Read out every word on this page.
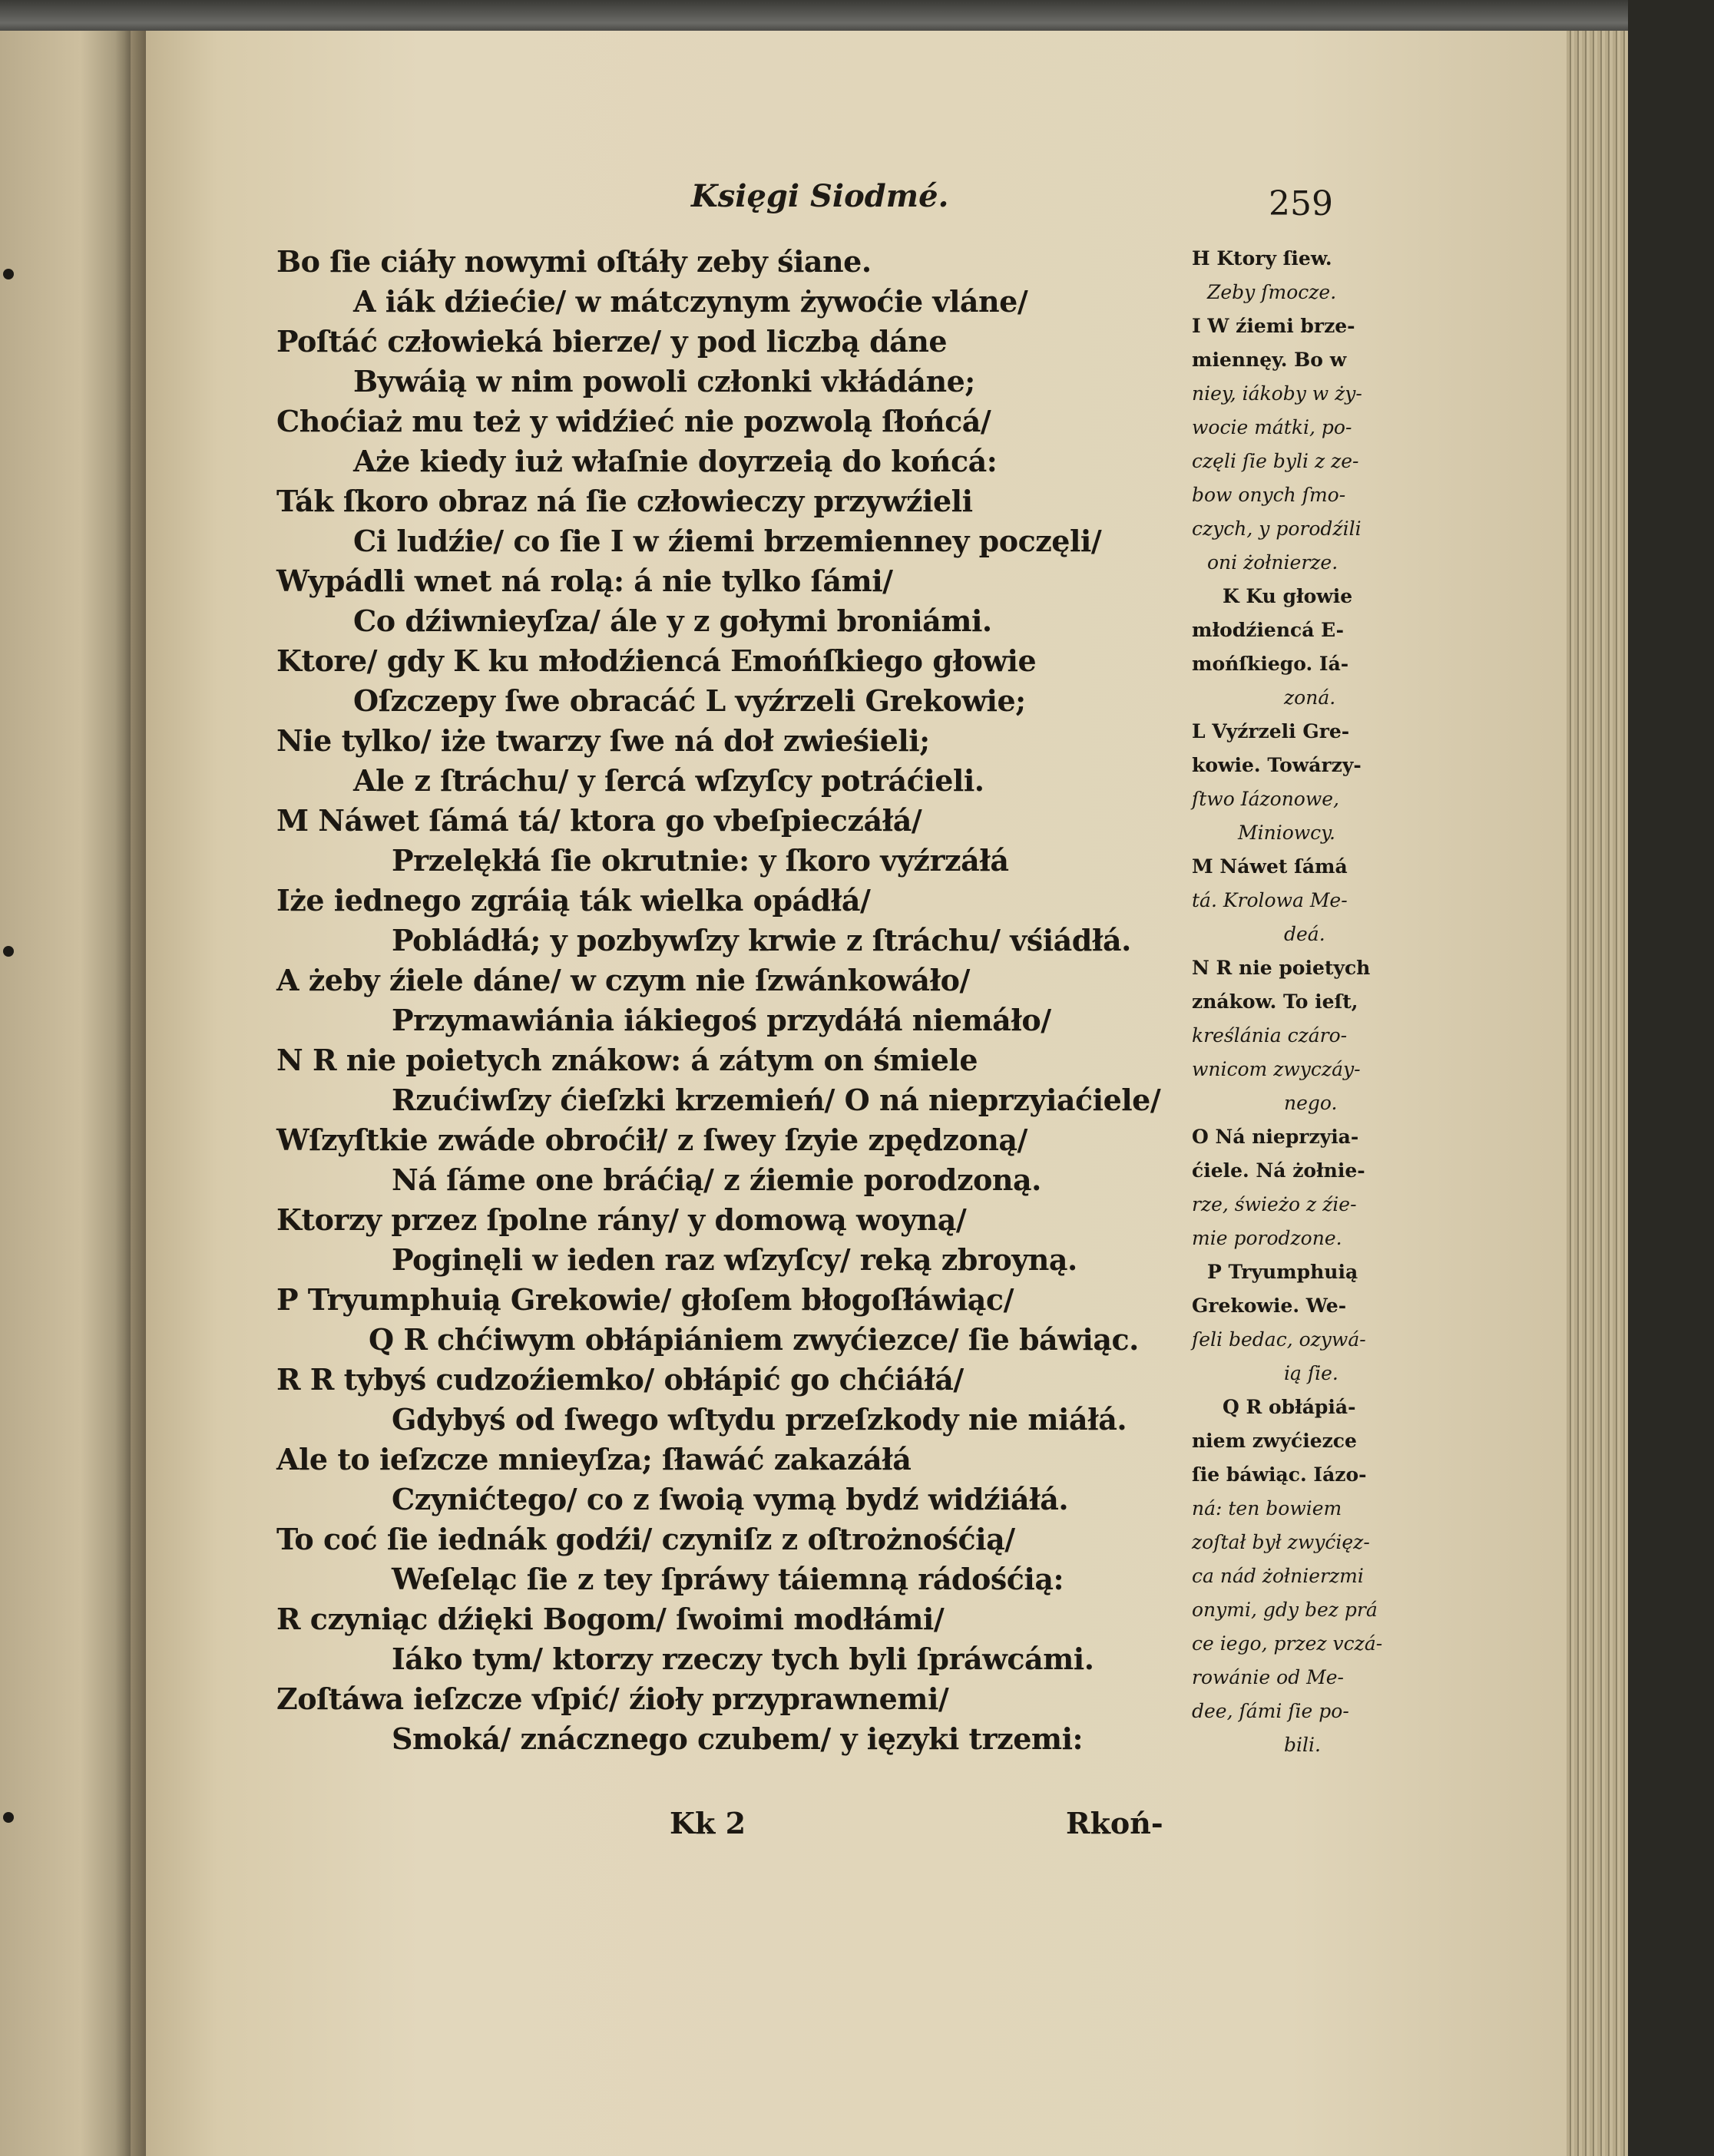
Księgi Siodmé.	259
Bo ſie ciáły nowymi oſtáły zeby śiane.
A iák dźiećie/ w mátczynym żywoćie vláne/
Poſtáć człowieká bierze/ y pod liczbą dáne
Bywáią w nim powoli członki vkłádáne;
Choćiaż mu też y widźieć nie pozwolą ſłońcá/
Aże kiedy iuż właſnie doyrzeią do końcá:
Ták ſkoro obraz ná ſie człowieczy przywźieli
Ci ludźie/ co ſie I w źiemi brzemienney poczęli/
Wypádli wnet ná rolą: á nie tylko ſámi/
Co dźiwnieyſza/ ále y z gołymi broniámi.
Ktore/ gdy K ku młodźiencá Emońſkiego głowie
Oſzczepy ſwe obracáć L vyźrzeli Grekowie;
Nie tylko/ iże twarzy ſwe ná doł zwieśieli;
Ale z ſtráchu/ y ſercá wſzyſcy potráćieli.
M Náwet ſámá tá/ ktora go vbeſpieczáłá/
Przelękłá ſie okrutnie: y ſkoro vyźrzáłá
Iże iednego zgráią ták wielka opádłá/
Pobládłá; y pozbywſzy krwie z ſtráchu/ vśiádłá.
A żeby źiele dáne/ w czym nie ſzwánkowáło/
Przymawiánia iákiegoś przydáłá niemáło/
N R nie poietych znákow: á zátym on śmiele
Rzućiwſzy ćieſzki krzemień/ O ná nieprzyiaćiele/
Wſzyſtkie zwáde obroćił/ z ſwey ſzyie zpędzoną/
Ná ſáme one bráćią/ z źiemie porodzoną.
Ktorzy przez ſpolne rány/ y domową woyną/
Poginęli w ieden raz wſzyſcy/ reką zbroyną.
P Tryumphuią Grekowie/ głoſem błogoſłáwiąc/
Q R chćiwym obłápiániem zwyćiezce/ ſie báwiąc.
R R tybyś cudzoźiemko/ obłápić go chćiáłá/
Gdybyś od ſwego wſtydu przeſzkody nie miáłá.
Ale to ieſzcze mnieyſza; ſławáć zakazáłá
Czynićtego/ co z ſwoią vymą bydź widźiáłá.
To coć ſie iednák godźi/ czyniſz z oſtrożnośćią/
Weſeląc ſie z tey ſpráwy táiemną rádośćią:
R czyniąc dźięki Bogom/ ſwoimi modłámi/
Iáko tym/ ktorzy rzeczy tych byli ſpráwcámi.
Zoſtáwa ieſzcze vſpić/ źioły przyprawnemi/
Smoká/ znácznego czubem/ y ięzyki trzemi:
H Ktory ſiew.
Zeby ſmocze.
I W źiemi brze-
miennęy. Bo w
niey, iákoby w ży-
wocie mátki, po-
częli ſie byli z ze-
bow onych ſmo-
czych, y porodźili
oni żołnierze.
K Ku głowie
młodźiencá E-
mońſkiego. Iá-
zoná.
L Vyźrzeli Gre-
kowie. Towárzy-
ſtwo Iázonowe,
Miniowcy.
M Náwet ſámá
tá. Krolowa Me-
deá.
N R nie poietych
znákow. To ieſt,
kreślánia czáro-
wnicom zwyczáy-
nego.
O Ná nieprzyia-
ćiele. Ná żołnie-
rze, świeżo z źie-
mie porodzone.
P Tryumphuią
Grekowie. We-
ſeli bedac, ozywá-
ią ſie.
Q R obłápiá-
niem zwyćiezce
ſie báwiąc. Iázo-
ná: ten bowiem
zoſtał był zwyćięz-
ca nád żołnierzmi
onymi, gdy bez prá
ce iego, przez vczá-
rowánie od Me-
dee, ſámi ſie po-
bili.
Kk 2	Rkoń-
